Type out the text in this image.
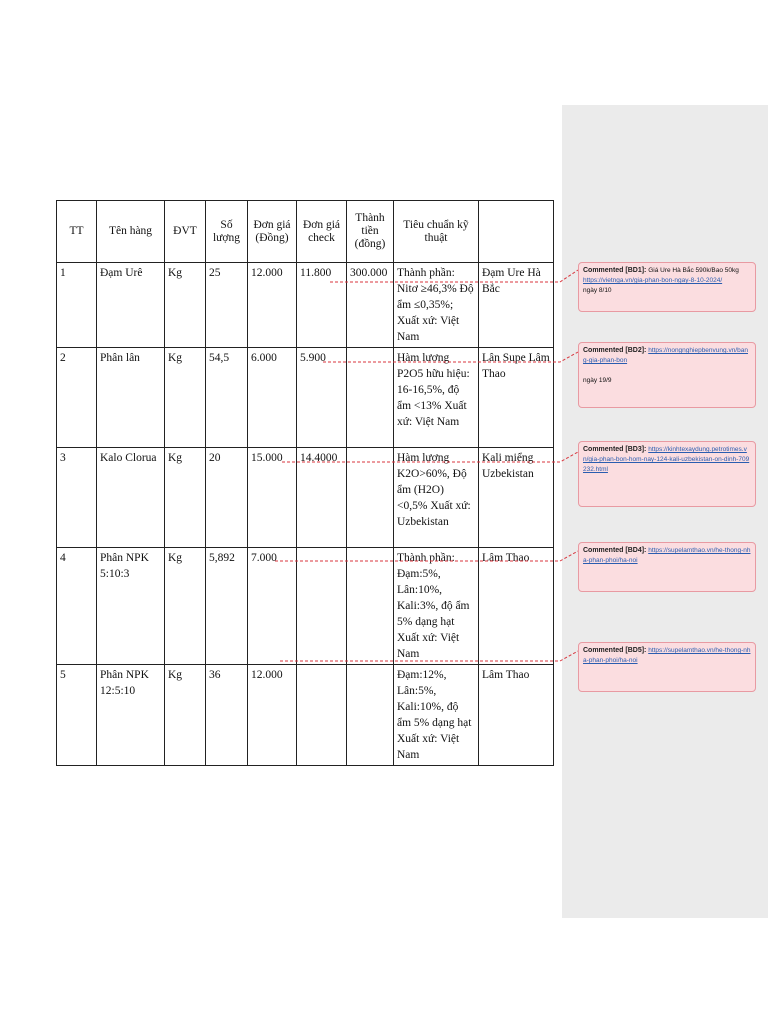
TT	Tên hàng	ĐVT	Số lượng	Đơn giá (Đồng)	Đơn giá check	Thành tiền (đồng)	Tiêu chuẩn kỹ thuật	
1	Đạm Urê	Kg	25	12.000	11.800	300.000	Thành phần: Nitơ ≥46,3% Độ ẩm ≤0,35%; Xuất xứ: Việt Nam	Đạm Ure Hà Bắc
2	Phân lân	Kg	54,5	6.000	5.900		Hàm lượng P2O5 hữu hiệu: 16-16,5%, độ ẩm <13% Xuất xứ: Việt Nam	Lân Supe Lâm Thao
3	Kalo Clorua	Kg	20	15.000	14.4000		Hàm lượng K2O>60%, Độ ẩm (H2O) <0,5% Xuất xứ: Uzbekistan	Kali miểng Uzbekistan
4	Phân NPK 5:10:3	Kg	5,892	7.000			Thành phần: Đạm:5%, Lân:10%, Kali:3%, độ ẩm 5% dạng hạt Xuất xứ: Việt Nam	Lâm Thao
5	Phân NPK 12:5:10	Kg	36	12.000			Đạm:12%, Lân:5%, Kali:10%, độ ẩm 5% dạng hạt Xuất xứ: Việt Nam	Lâm Thao
Commented [BD1]: Giá Ure Hà Bắc 590k/Bao 50kg
https://vietnga.vn/gia-phan-bon-ngay-8-10-2024/
ngày 8/10
Commented [BD2]: https://nongnghiepbenvung.vn/bang-gia-phan-bon

ngày 19/9
Commented [BD3]: https://kinhtexaydung.petrotimes.vn/gia-phan-bon-hom-nay-124-kali-uzbekistan-on-dinh-709232.html
Commented [BD4]: https://supelamthao.vn/he-thong-nha-phan-phoi/ha-noi
Commented [BD5]: https://supelamthao.vn/he-thong-nha-phan-phoi/ha-noi
